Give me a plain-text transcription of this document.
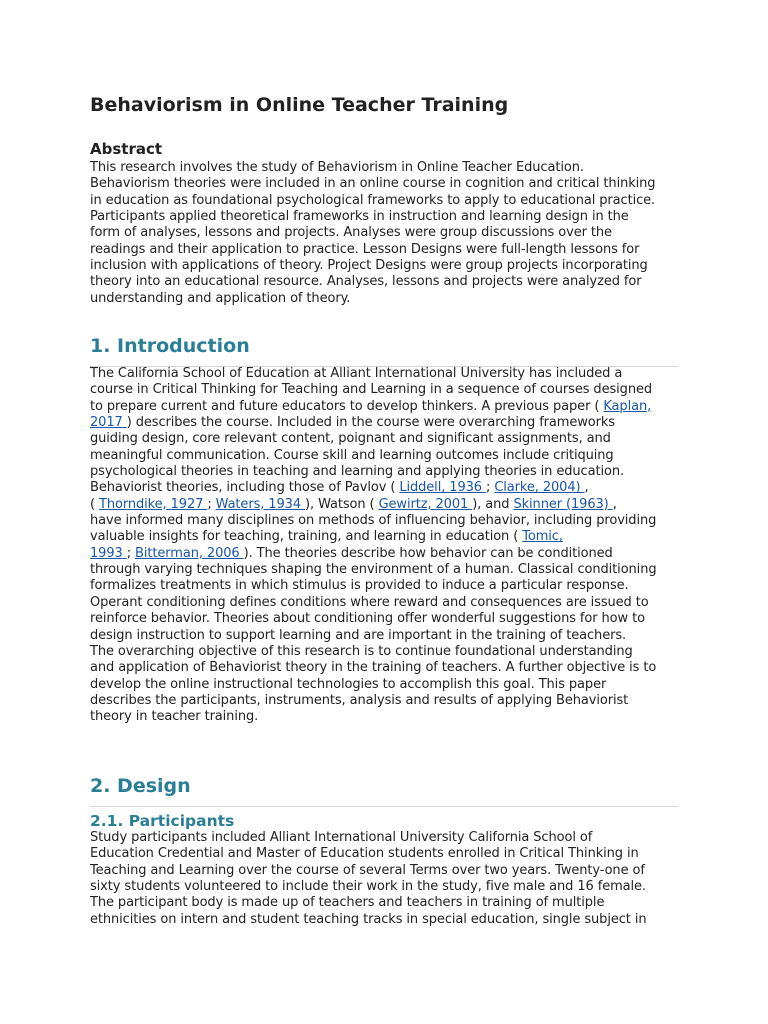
Behaviorism in Online Teacher Training
Abstract
This research involves the study of Behaviorism in Online Teacher Education.
Behaviorism theories were included in an online course in cognition and critical thinking
in education as foundational psychological frameworks to apply to educational practice.
Participants applied theoretical frameworks in instruction and learning design in the
form of analyses, lessons and projects. Analyses were group discussions over the
readings and their application to practice. Lesson Designs were full-length lessons for
inclusion with applications of theory. Project Designs were group projects incorporating
theory into an educational resource. Analyses, lessons and projects were analyzed for
understanding and application of theory.
1. Introduction
The California School of Education at Alliant International University has included a
course in Critical Thinking for Teaching and Learning in a sequence of courses designed
to prepare current and future educators to develop thinkers. A previous paper ( Kaplan,
2017 ) describes the course. Included in the course were overarching frameworks
guiding design, core relevant content, poignant and significant assignments, and
meaningful communication. Course skill and learning outcomes include critiquing
psychological theories in teaching and learning and applying theories in education.
Behaviorist theories, including those of Pavlov ( Liddell, 1936 ; Clarke, 2004) ,
( Thorndike, 1927 ; Waters, 1934 ), Watson ( Gewirtz, 2001 ), and Skinner (1963) ,
have informed many disciplines on methods of influencing behavior, including providing
valuable insights for teaching, training, and learning in education ( Tomic,
1993 ; Bitterman, 2006 ). The theories describe how behavior can be conditioned
through varying techniques shaping the environment of a human. Classical conditioning
formalizes treatments in which stimulus is provided to induce a particular response.
Operant conditioning defines conditions where reward and consequences are issued to
reinforce behavior. Theories about conditioning offer wonderful suggestions for how to
design instruction to support learning and are important in the training of teachers.
The overarching objective of this research is to continue foundational understanding
and application of Behaviorist theory in the training of teachers. A further objective is to
develop the online instructional technologies to accomplish this goal. This paper
describes the participants, instruments, analysis and results of applying Behaviorist
theory in teacher training.
2. Design
2.1. Participants
Study participants included Alliant International University California School of
Education Credential and Master of Education students enrolled in Critical Thinking in
Teaching and Learning over the course of several Terms over two years. Twenty-one of
sixty students volunteered to include their work in the study, five male and 16 female.
The participant body is made up of teachers and teachers in training of multiple
ethnicities on intern and student teaching tracks in special education, single subject in
